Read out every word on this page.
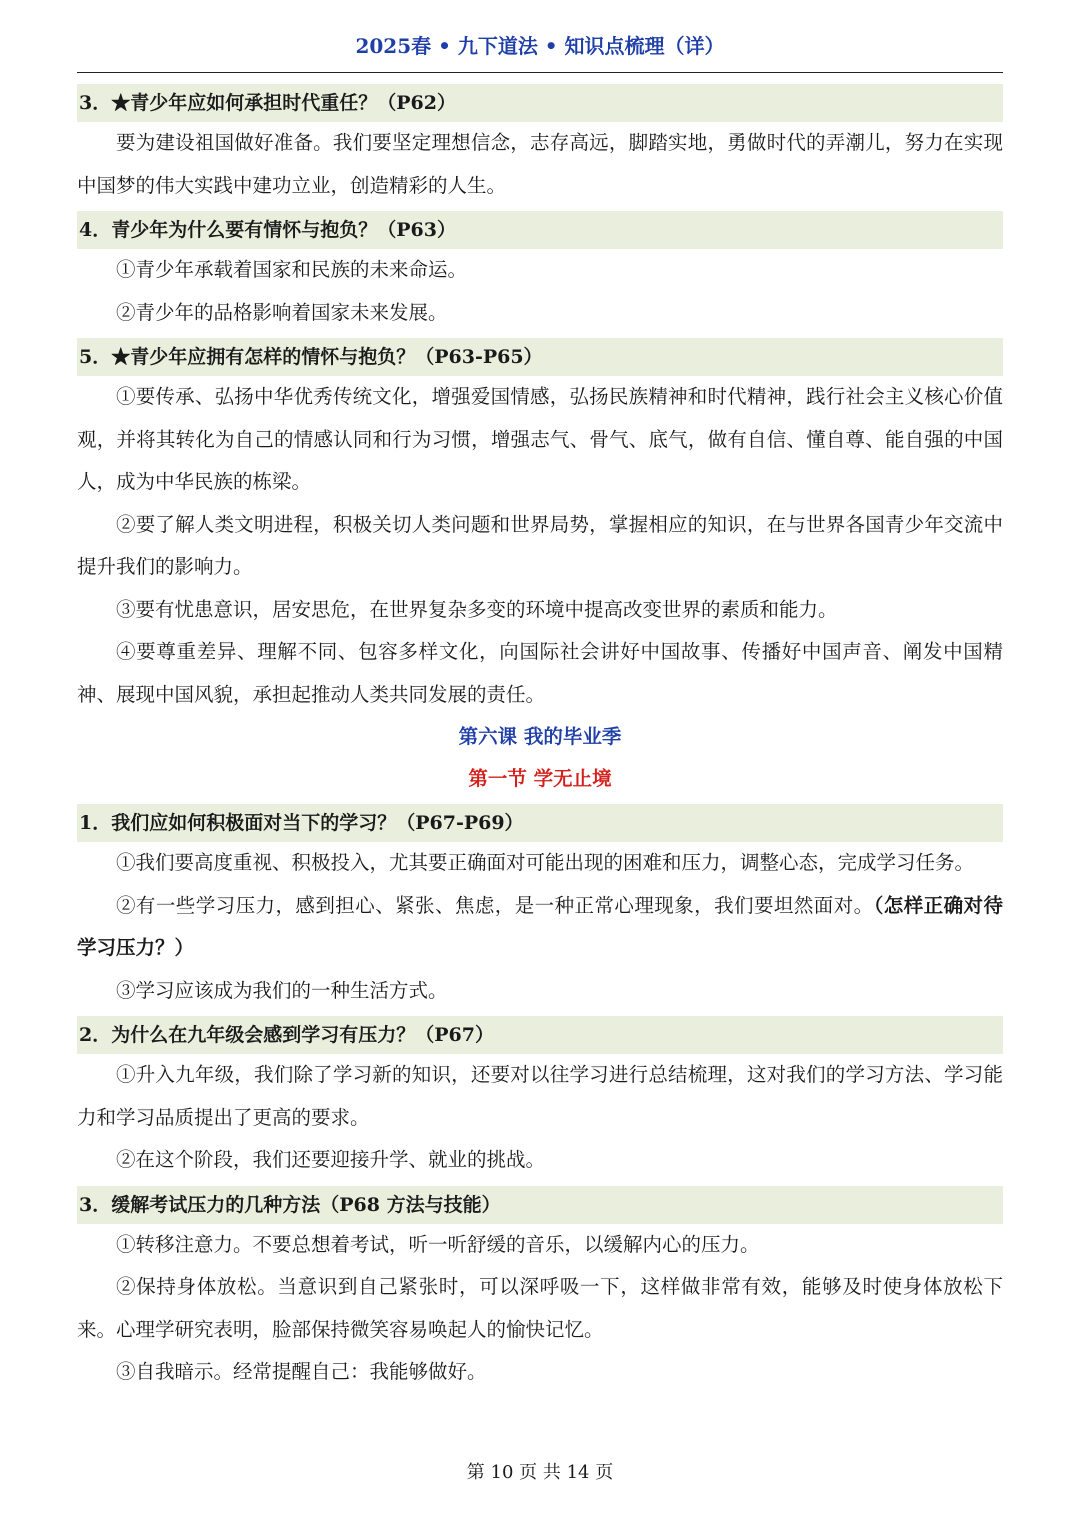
2025春 • 九下道法 • 知识点梳理（详）
3．★青少年应如何承担时代重任？（P62）

要为建设祖国做好准备。我们要坚定理想信念，志存高远，脚踏实地，勇做时代的弄潮儿，努力在实现中国梦的伟大实践中建功立业，创造精彩的人生。

4．青少年为什么要有情怀与抱负？（P63）

①青少年承载着国家和民族的未来命运。

②青少年的品格影响着国家未来发展。

5．★青少年应拥有怎样的情怀与抱负？（P63-P65）

①要传承、弘扬中华优秀传统文化，增强爱国情感，弘扬民族精神和时代精神，践行社会主义核心价值观，并将其转化为自己的情感认同和行为习惯，增强志气、骨气、底气，做有自信、懂自尊、能自强的中国人，成为中华民族的栋梁。

②要了解人类文明进程，积极关切人类问题和世界局势，掌握相应的知识，在与世界各国青少年交流中提升我们的影响力。

③要有忧患意识，居安思危，在世界复杂多变的环境中提高改变世界的素质和能力。

④要尊重差异、理解不同、包容多样文化，向国际社会讲好中国故事、传播好中国声音、阐发中国精神、展现中国风貌，承担起推动人类共同发展的责任。

第六课 我的毕业季
第一节 学无止境
1．我们应如何积极面对当下的学习？（P67-P69）

①我们要高度重视、积极投入，尤其要正确面对可能出现的困难和压力，调整心态，完成学习任务。

②有一些学习压力，感到担心、紧张、焦虑，是一种正常心理现象，我们要坦然面对。（怎样正确对待学习压力？）

③学习应该成为我们的一种生活方式。

2．为什么在九年级会感到学习有压力？（P67）

①升入九年级，我们除了学习新的知识，还要对以往学习进行总结梳理，这对我们的学习方法、学习能力和学习品质提出了更高的要求。

②在这个阶段，我们还要迎接升学、就业的挑战。

3．缓解考试压力的几种方法（P68 方法与技能）

①转移注意力。不要总想着考试，听一听舒缓的音乐，以缓解内心的压力。

②保持身体放松。当意识到自己紧张时，可以深呼吸一下，这样做非常有效，能够及时使身体放松下来。心理学研究表明，脸部保持微笑容易唤起人的愉快记忆。

③自我暗示。经常提醒自己：我能够做好。

第 10 页 共 14 页
